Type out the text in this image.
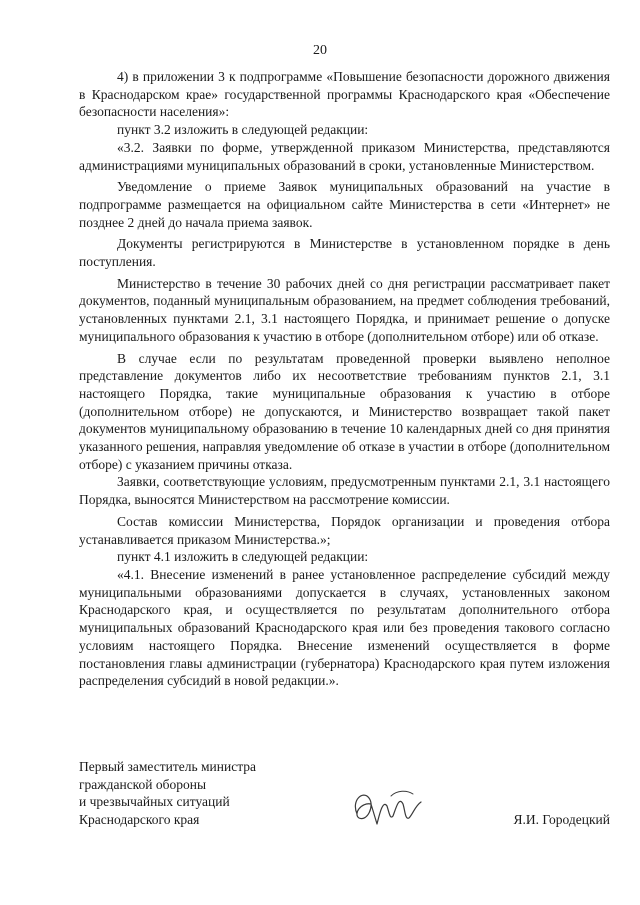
20

4) в приложении 3 к подпрограмме «Повышение безопасности дорожного движения в Краснодарском крае» государственной программы Краснодарского края «Обеспечение безопасности населения»:

пункт 3.2 изложить в следующей редакции:

«3.2. Заявки по форме, утвержденной приказом Министерства, представляются администрациями муниципальных образований в сроки, установленные Министерством.

Уведомление о приеме Заявок муниципальных образований на участие в подпрограмме размещается на официальном сайте Министерства в сети «Интернет» не позднее 2 дней до начала приема заявок.

Документы регистрируются в Министерстве в установленном порядке в день поступления.

Министерство в течение 30 рабочих дней со дня регистрации рассматривает пакет документов, поданный муниципальным образованием, на предмет соблюдения требований, установленных пунктами 2.1, 3.1 настоящего Порядка, и принимает решение о допуске муниципального образования к участию в отборе (дополнительном отборе) или об отказе.

В случае если по результатам проведенной проверки выявлено неполное представление документов либо их несоответствие требованиям пунктов 2.1, 3.1 настоящего Порядка, такие муниципальные образования к участию в отборе (дополнительном отборе) не допускаются, и Министерство возвращает такой пакет документов муниципальному образованию в течение 10 календарных дней со дня принятия указанного решения, направляя уведомление об отказе в участии в отборе (дополнительном отборе) с указанием причины отказа.

Заявки, соответствующие условиям, предусмотренным пунктами 2.1, 3.1 настоящего Порядка, выносятся Министерством на рассмотрение комиссии.

Состав комиссии Министерства, Порядок организации и проведения отбора устанавливается приказом Министерства.»;

пункт 4.1 изложить в следующей редакции:

«4.1. Внесение изменений в ранее установленное распределение субсидий между муниципальными образованиями допускается в случаях, установленных законом Краснодарского края, и осуществляется по результатам дополнительного отбора муниципальных образований Краснодарского края или без проведения такового согласно условиям настоящего Порядка. Внесение изменений осуществляется в форме постановления главы администрации (губернатора) Краснодарского края путем изложения распределения субсидий в новой редакции.».

Первый заместитель министра
гражданской обороны
и чрезвычайных ситуаций
Краснодарского края	Я.И. Городецкий
